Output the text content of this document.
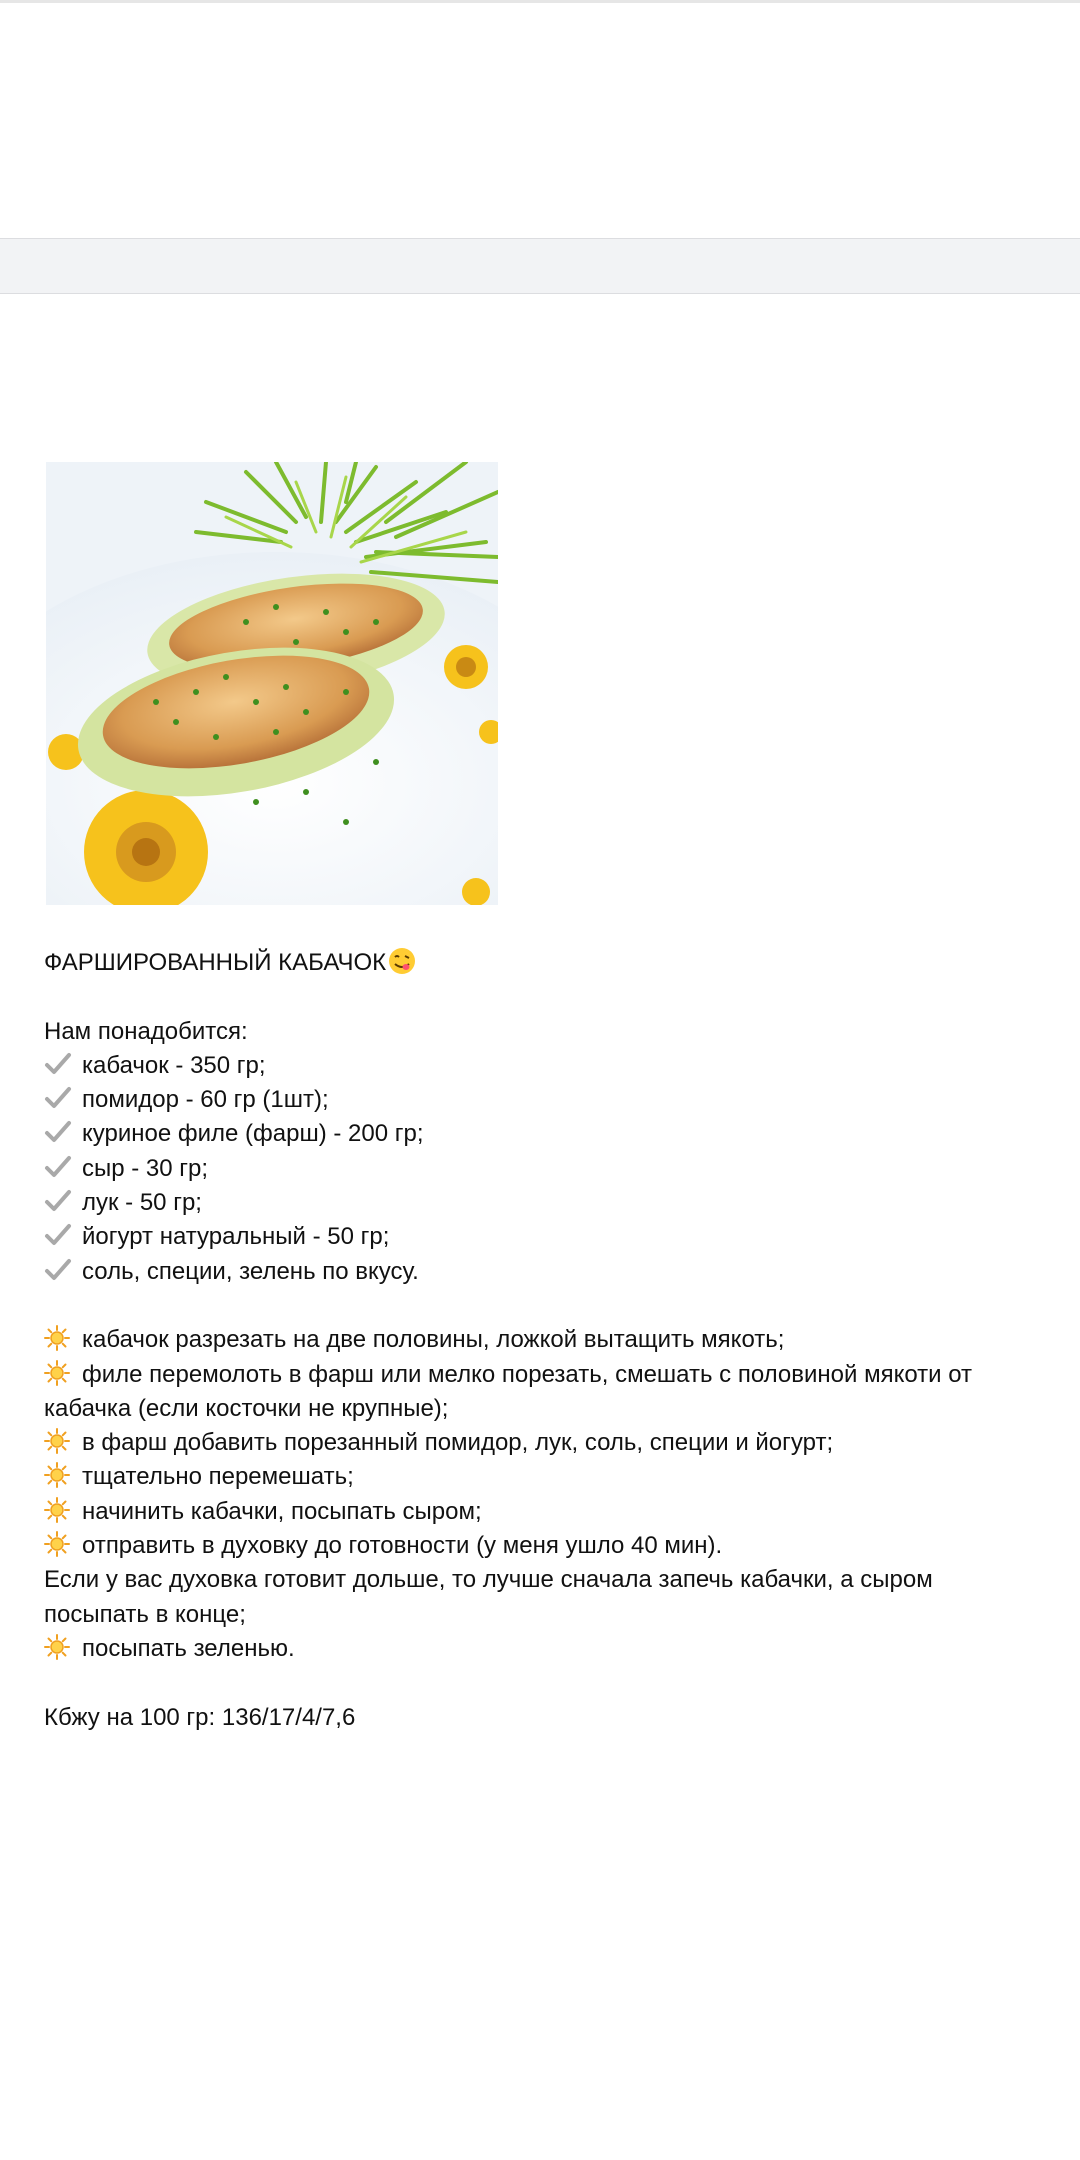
ФАРШИРОВАННЫЙ КАБАЧОК
Нам понадобится:
кабачок - 350 гр;
помидор - 60 гр (1шт);
куриное филе (фарш) - 200 гр;
сыр - 30 гр;
лук - 50 гр;
йогурт натуральный - 50 гр;
соль, специи, зелень по вкусу.
кабачок разрезать на две половины, ложкой вытащить мякоть;
филе перемолоть в фарш или мелко порезать, смешать с половиной мякоти от кабачка (если косточки не крупные);
в фарш добавить порезанный помидор, лук, соль, специи и йогурт;
тщательно перемешать;
начинить кабачки, посыпать сыром;
отправить в духовку до готовности (у меня ушло 40 мин).
Если у вас духовка готовит дольше, то лучше сначала запечь кабачки, а сыром посыпать в конце;
посыпать зеленью.
Кбжу на 100 гр: 136/17/4/7,6
